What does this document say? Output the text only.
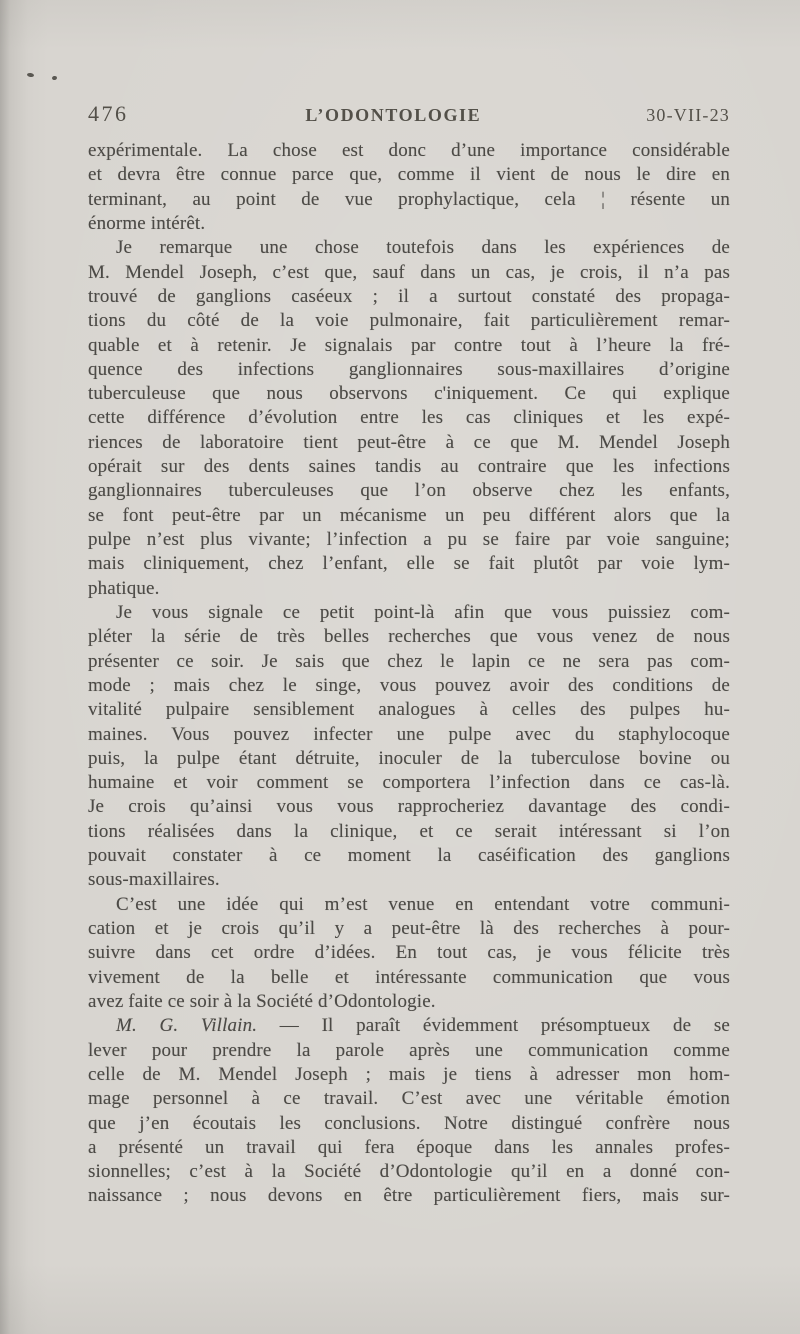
476	L’ODONTOLOGIE	30-VII-23
expérimentale. La chose est donc d’une importance considérable
et devra être connue parce que, comme il vient de nous le dire en
terminant, au point de vue prophylactique, cela ¦ résente un
énorme intérêt.
Je remarque une chose toutefois dans les expériences de
M. Mendel Joseph, c’est que, sauf dans un cas, je crois, il n’a pas
trouvé de ganglions caséeux ; il a surtout constaté des propaga-
tions du côté de la voie pulmonaire, fait particulièrement remar-
quable et à retenir. Je signalais par contre tout à l’heure la fré-
quence des infections ganglionnaires sous-maxillaires d’origine
tuberculeuse que nous observons c'iniquement. Ce qui explique
cette différence d’évolution entre les cas cliniques et les expé-
riences de laboratoire tient peut-être à ce que M. Mendel Joseph
opérait sur des dents saines tandis au contraire que les infections
ganglionnaires tuberculeuses que l’on observe chez les enfants,
se font peut-être par un mécanisme un peu différent alors que la
pulpe n’est plus vivante; l’infection a pu se faire par voie sanguine;
mais cliniquement, chez l’enfant, elle se fait plutôt par voie lym-
phatique.
Je vous signale ce petit point-là afin que vous puissiez com-
pléter la série de très belles recherches que vous venez de nous
présenter ce soir. Je sais que chez le lapin ce ne sera pas com-
mode ; mais chez le singe, vous pouvez avoir des conditions de
vitalité pulpaire sensiblement analogues à celles des pulpes hu-
maines. Vous pouvez infecter une pulpe avec du staphylocoque
puis, la pulpe étant détruite, inoculer de la tuberculose bovine ou
humaine et voir comment se comportera l’infection dans ce cas-là.
Je crois qu’ainsi vous vous rapprocheriez davantage des condi-
tions réalisées dans la clinique, et ce serait intéressant si l’on
pouvait constater à ce moment la caséification des ganglions
sous-maxillaires.
C’est une idée qui m’est venue en entendant votre communi-
cation et je crois qu’il y a peut-être là des recherches à pour-
suivre dans cet ordre d’idées. En tout cas, je vous félicite très
vivement de la belle et intéressante communication que vous
avez faite ce soir à la Société d’Odontologie.
M. G. Villain. — Il paraît évidemment présomptueux de se
lever pour prendre la parole après une communication comme
celle de M. Mendel Joseph ; mais je tiens à adresser mon hom-
mage personnel à ce travail. C’est avec une véritable émotion
que j’en écoutais les conclusions. Notre distingué confrère nous
a présenté un travail qui fera époque dans les annales profes-
sionnelles; c’est à la Société d’Odontologie qu’il en a donné con-
naissance ; nous devons en être particulièrement fiers, mais sur-
